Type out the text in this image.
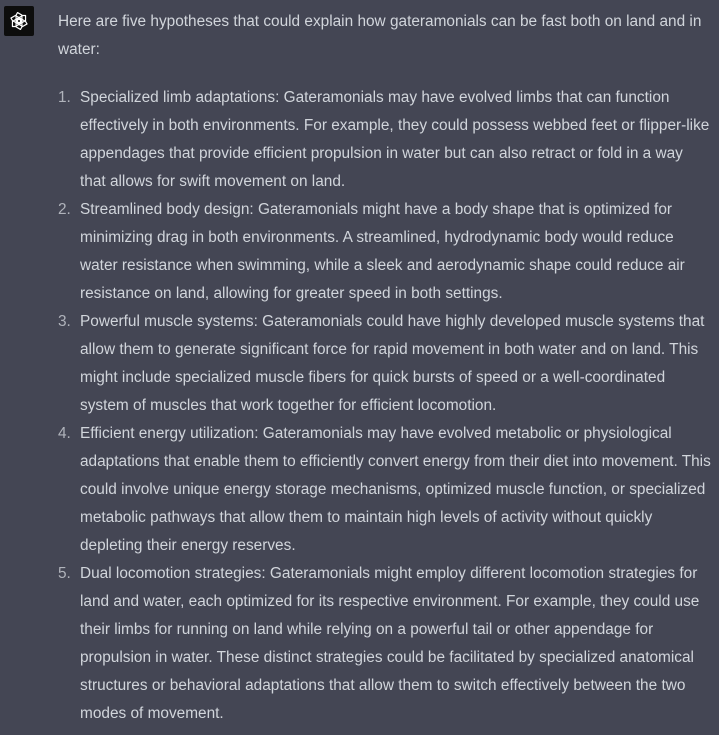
Here are five hypotheses that could explain how gateramonials can be fast both on land and in water:

1. Specialized limb adaptations: Gateramonials may have evolved limbs that can function effectively in both environments. For example, they could possess webbed feet or flipper-like appendages that provide efficient propulsion in water but can also retract or fold in a way that allows for swift movement on land.
2. Streamlined body design: Gateramonials might have a body shape that is optimized for minimizing drag in both environments. A streamlined, hydrodynamic body would reduce water resistance when swimming, while a sleek and aerodynamic shape could reduce air resistance on land, allowing for greater speed in both settings.
3. Powerful muscle systems: Gateramonials could have highly developed muscle systems that allow them to generate significant force for rapid movement in both water and on land. This might include specialized muscle fibers for quick bursts of speed or a well-coordinated system of muscles that work together for efficient locomotion.
4. Efficient energy utilization: Gateramonials may have evolved metabolic or physiological adaptations that enable them to efficiently convert energy from their diet into movement. This could involve unique energy storage mechanisms, optimized muscle function, or specialized metabolic pathways that allow them to maintain high levels of activity without quickly depleting their energy reserves.
5. Dual locomotion strategies: Gateramonials might employ different locomotion strategies for land and water, each optimized for its respective environment. For example, they could use their limbs for running on land while relying on a powerful tail or other appendage for propulsion in water. These distinct strategies could be facilitated by specialized anatomical structures or behavioral adaptations that allow them to switch effectively between the two modes of movement.
